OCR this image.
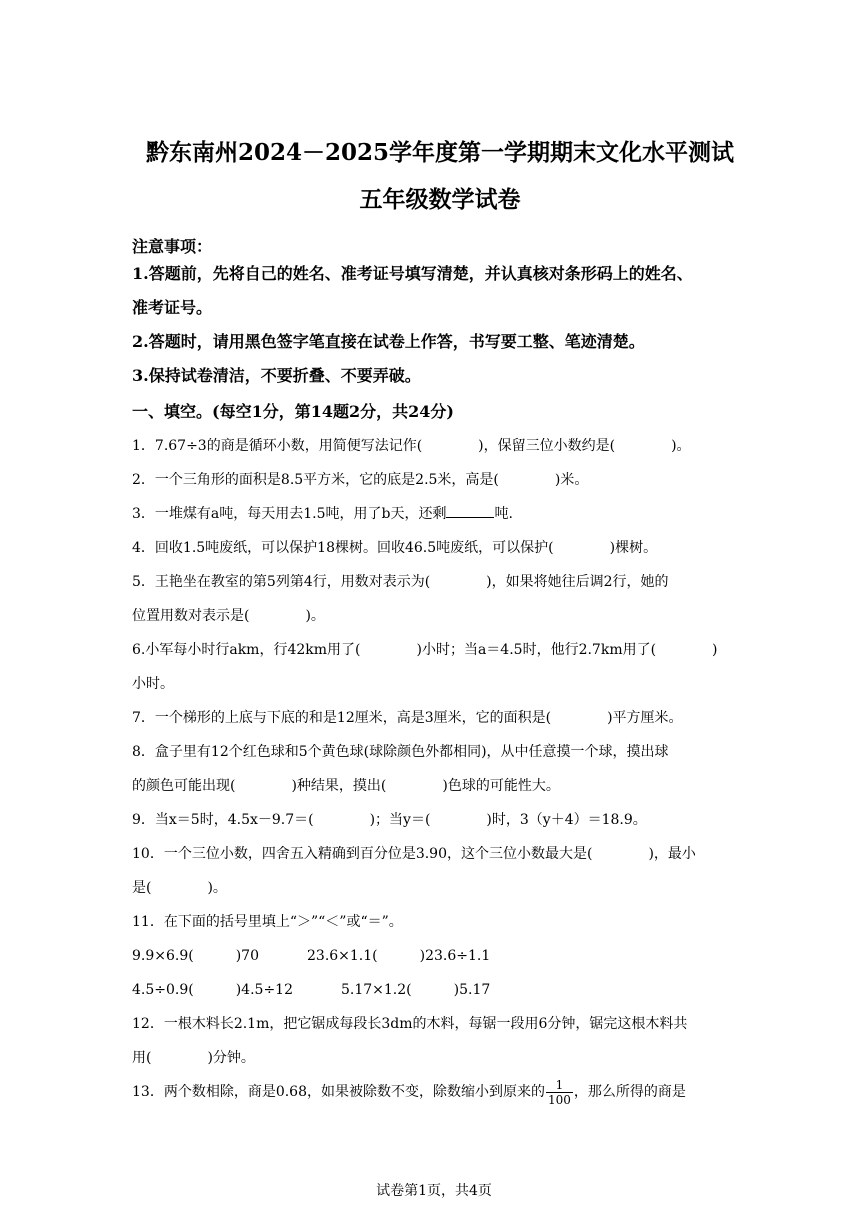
黔东南州2024－2025学年度第一学期期末文化水平测试
五年级数学试卷
注意事项：
1.答题前，先将自己的姓名、准考证号填写清楚，并认真核对条形码上的姓名、
准考证号。
2.答题时，请用黑色签字笔直接在试卷上作答，书写要工整、笔迹清楚。
3.保持试卷清洁，不要折叠、不要弄破。
一、填空。(每空1分，第14题2分，共24分)
1．7.67÷3的商是循环小数，用简便写法记作(　　　　)，保留三位小数约是(　　　　)。
2．一个三角形的面积是8.5平方米，它的底是2.5米，高是(　　　　)米。
3．一堆煤有a吨，每天用去1.5吨，用了b天，还剩	吨.
4．回收1.5吨废纸，可以保护18棵树。回收46.5吨废纸，可以保护(　　　　)棵树。
5．王艳坐在教室的第5列第4行，用数对表示为(　　　　)，如果将她往后调2行，她的
位置用数对表示是(　　　　)。
6.小军每小时行akm，行42km用了(　　　　)小时；当a＝4.5时，他行2.7km用了(　　　　)
小时。
7．一个梯形的上底与下底的和是12厘米，高是3厘米，它的面积是(　　　　)平方厘米。
8．盒子里有12个红色球和5个黄色球(球除颜色外都相同)，从中任意摸一个球，摸出球
的颜色可能出现(　　　　)种结果，摸出(　　　　)色球的可能性大。
9．当x＝5时，4.5x－9.7＝(　　　　)；当y＝(　　　　)时，3（y＋4）＝18.9。
10．一个三位小数，四舍五入精确到百分位是3.90，这个三位小数最大是(　　　　)，最小
是(　　　　)。
11．在下面的括号里填上“＞”“＜”或“＝”。
9.9×6.9(　　　)70	23.6×1.1(　　　)23.6÷1.1
4.5÷0.9(　　　)4.5÷12	5.17×1.2(　　　)5.17
12．一根木料长2.1m，把它锯成每段长3dm的木料，每锯一段用6分钟，锯完这根木料共
用(　　　　)分钟。
13．两个数相除，商是0.68，如果被除数不变，除数缩小到原来的 $\frac{1}{100}$ ，那么所得的商是
试卷第1页，共4页
